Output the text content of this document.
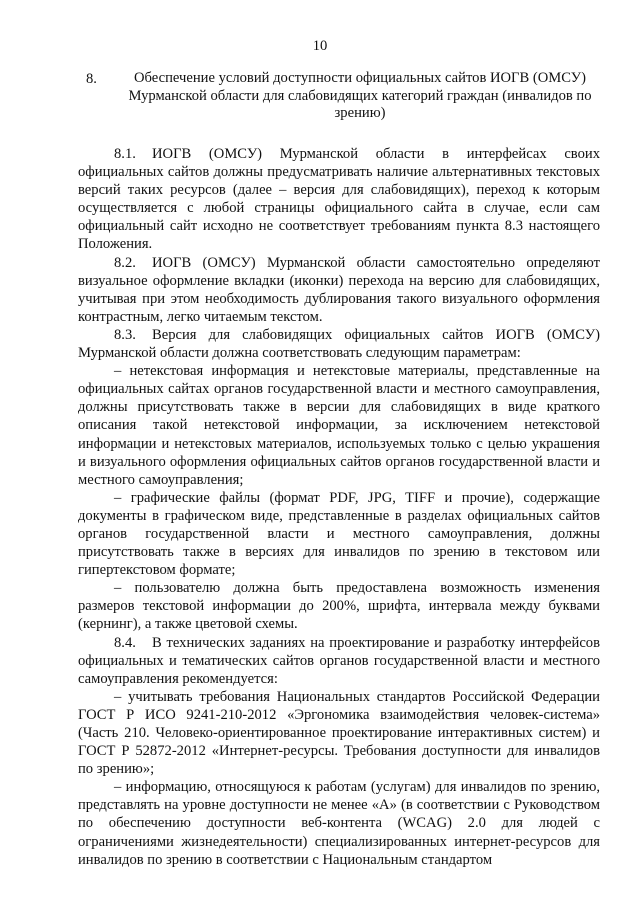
10
8.	Обеспечение условий доступности официальных сайтов ИОГВ (ОМСУ) Мурманской области для слабовидящих категорий граждан (инвалидов по зрению)

8.1. ИОГВ (ОМСУ) Мурманской области в интерфейсах своих официальных сайтов должны предусматривать наличие альтернативных текстовых версий таких ресурсов (далее – версия для слабовидящих), переход к которым осуществляется с любой страницы официального сайта в случае, если сам официальный сайт исходно не соответствует требованиям пункта 8.3 настоящего Положения.

8.2. ИОГВ (ОМСУ) Мурманской области самостоятельно определяют визуальное оформление вкладки (иконки) перехода на версию для слабовидящих, учитывая при этом необходимость дублирования такого визуального оформления контрастным, легко читаемым текстом.

8.3. Версия для слабовидящих официальных сайтов ИОГВ (ОМСУ) Мурманской области должна соответствовать следующим параметрам:

– нетекстовая информация и нетекстовые материалы, представленные на официальных сайтах органов государственной власти и местного самоуправления, должны присутствовать также в версии для слабовидящих в виде краткого описания такой нетекстовой информации, за исключением нетекстовой информации и нетекстовых материалов, используемых только с целью украшения и визуального оформления официальных сайтов органов государственной власти и местного самоуправления;

– графические файлы (формат PDF, JPG, TIFF и прочие), содержащие документы в графическом виде, представленные в разделах официальных сайтов органов государственной власти и местного самоуправления, должны присутствовать также в версиях для инвалидов по зрению в текстовом или гипертекстовом формате;

– пользователю должна быть предоставлена возможность изменения размеров текстовой информации до 200%, шрифта, интервала между буквами (кернинг), а также цветовой схемы.

8.4. В технических заданиях на проектирование и разработку интерфейсов официальных и тематических сайтов органов государственной власти и местного самоуправления рекомендуется:

– учитывать требования Национальных стандартов Российской Федерации ГОСТ Р ИСО 9241-210-2012 «Эргономика взаимодействия человек-система» (Часть 210. Человеко-ориентированное проектирование интерактивных систем) и ГОСТ Р 52872-2012 «Интернет-ресурсы. Требования доступности для инвалидов по зрению»;

– информацию, относящуюся к работам (услугам) для инвалидов по зрению, представлять на уровне доступности не менее «А» (в соответствии с Руководством по обеспечению доступности веб-контента (WCAG) 2.0 для людей с ограничениями жизнедеятельности) специализированных интернет-ресурсов для инвалидов по зрению в соответствии с Национальным стандартом
